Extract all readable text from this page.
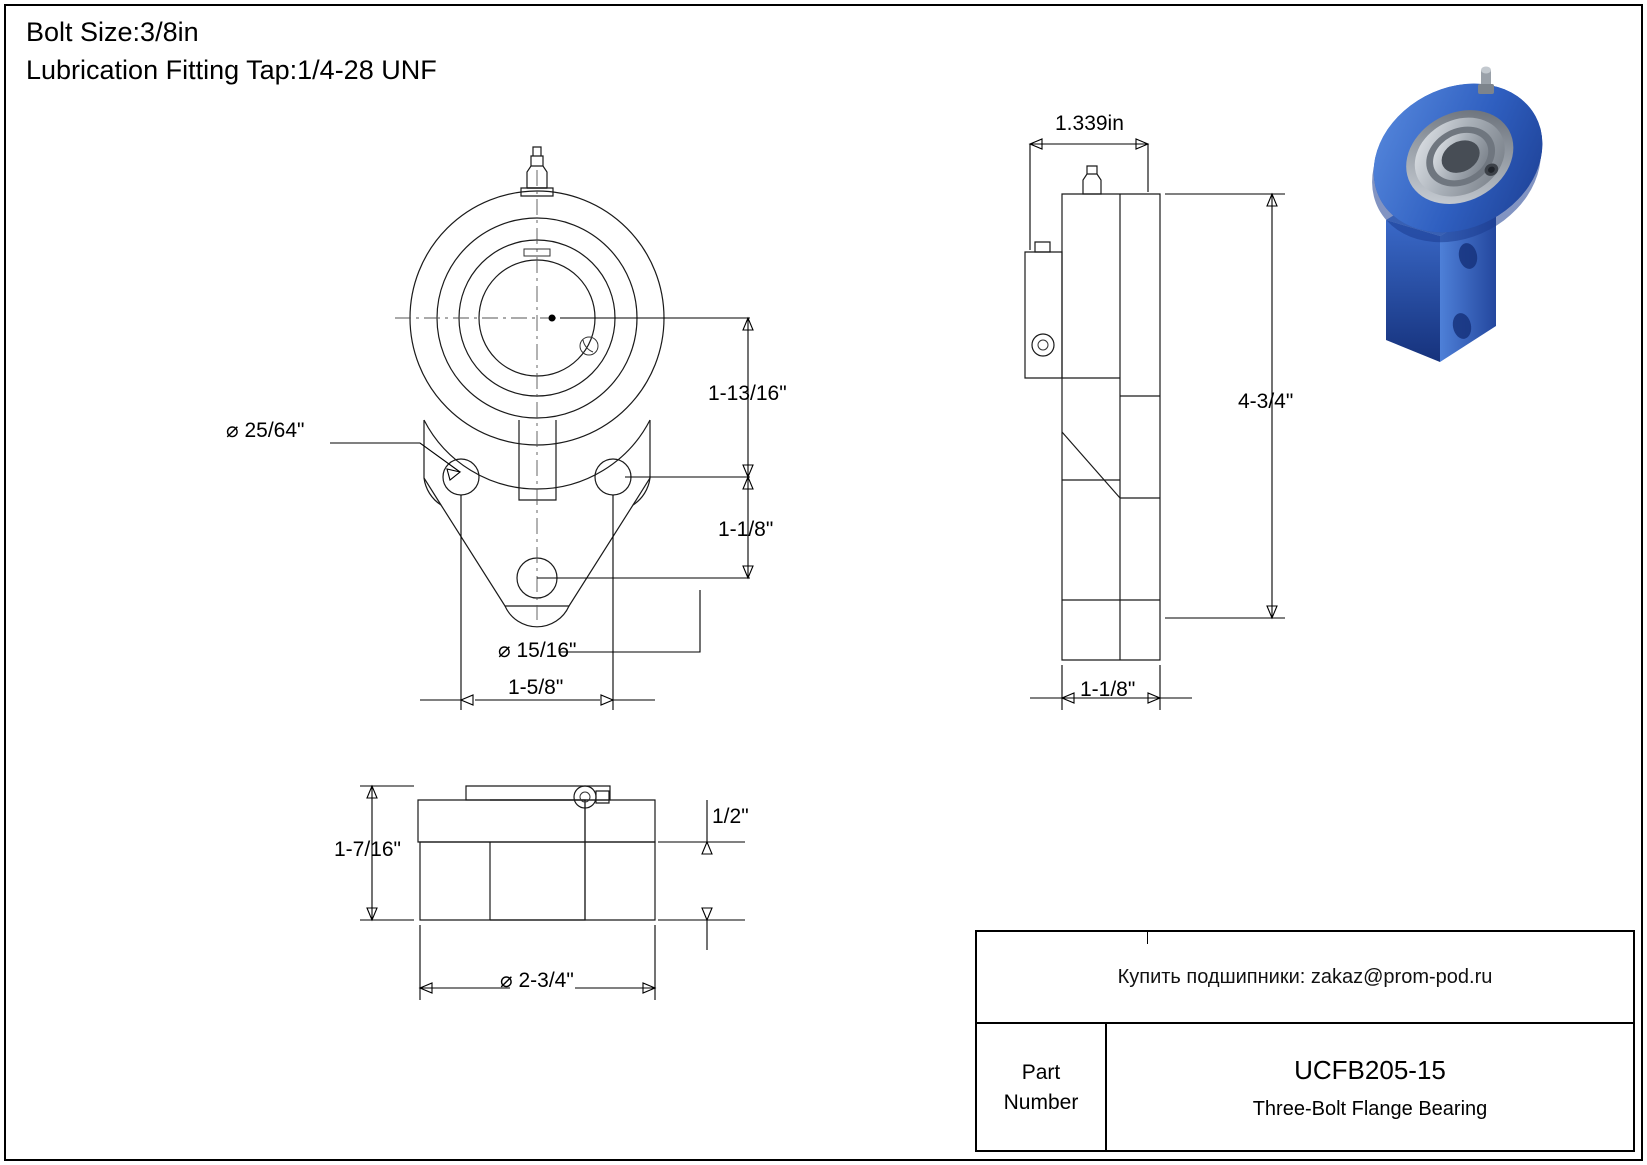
Bolt Size:3/8in
Lubrication Fitting Tap:1/4-28 UNF
1-13/16"
1-1/8"
⌀ 25/64"
⌀ 15/16"
1-5/8"
1.339in
4-3/4"
1-1/8"
1-7/16"
1/2"
⌀ 2-3/4"	Купить подшипники: zakaz@prom-pod.ru
Part
Number
UCFB205-15
Three-Bolt Flange Bearing
